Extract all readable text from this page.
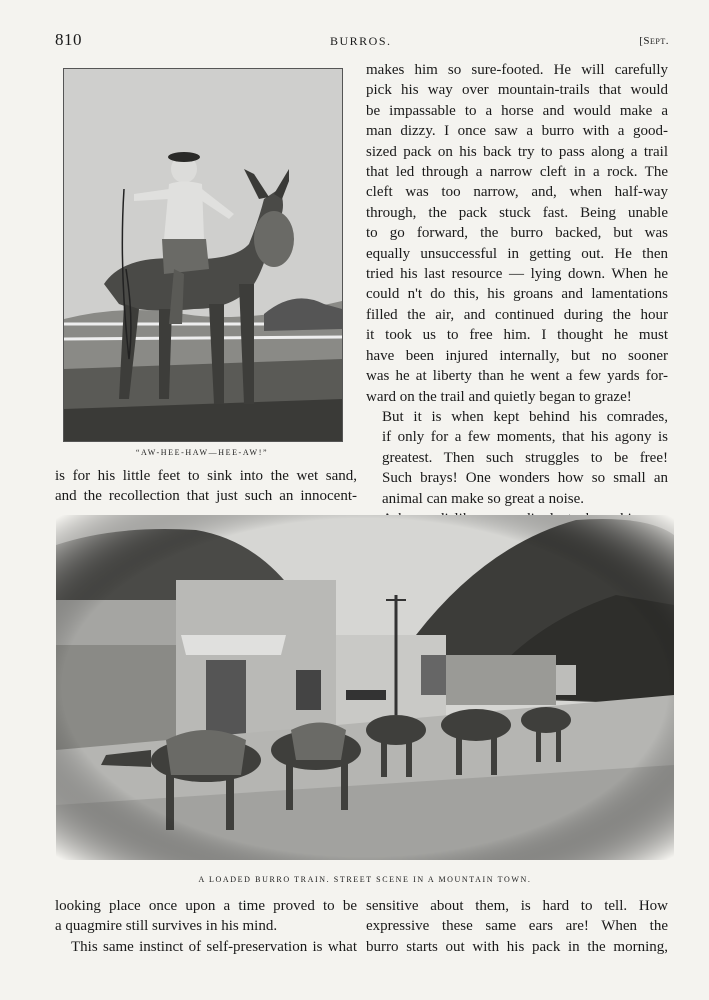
810	BURROS.	[Sept.
“AW-HEE-HAW—HEE-AW!”

makes him so sure-footed. He will carefully
pick his way over mountain-trails that would
be impassable to a horse and would make a
man dizzy. I once saw a burro with a good-
sized pack on his back try to pass along a trail
that led through a narrow cleft in a rock. The
cleft was too narrow, and, when half-way
through, the pack stuck fast. Being unable
to go forward, the burro backed, but was
equally unsuccessful in getting out. He then
tried his last resource — lying down. When he
could n't do this, his groans and lamentations
filled the air, and continued during the hour
it took us to free him. I thought he must
have been injured internally, but no sooner
was he at liberty than he went a few yards for-
ward on the trail and quietly began to graze!

But it is when kept behind his comrades,
if only for a few moments, that his agony is
greatest. Then such struggles to be free!
Such brays! One wonders how so small an
animal can make so great a noise.

is for his little feet to sink into the wet sand,
and the recollection that just such an innocent-

A LOADED BURRO TRAIN. STREET SCENE IN A MOUNTAIN TOWN.

looking place once upon a time proved to be
a quagmire still survives in his mind.

This same instinct of self-preservation is what

sensitive about them, is hard to tell. How
expressive these same ears are! When the
burro starts out with his pack in the morning,
